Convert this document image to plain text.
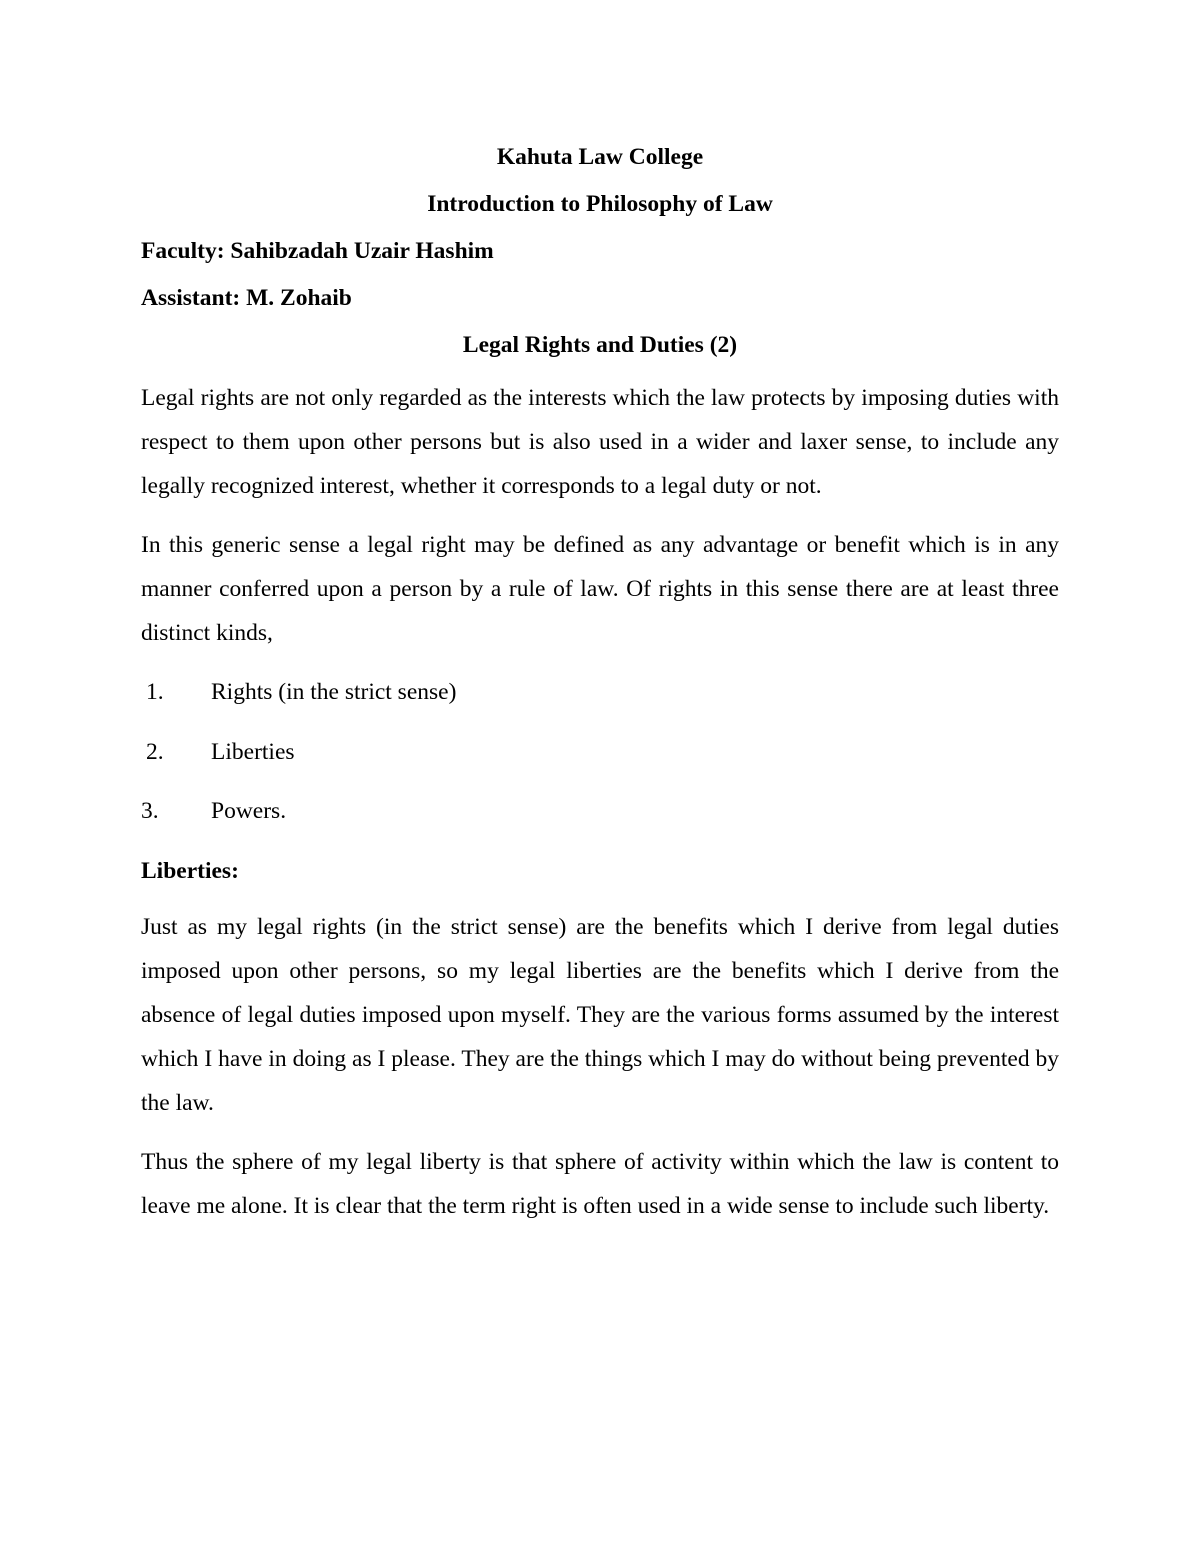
Kahuta Law College
Introduction to Philosophy of Law
Faculty: Sahibzadah Uzair Hashim
Assistant: M. Zohaib
Legal Rights and Duties (2)

Legal rights are not only regarded as the interests which the law protects by imposing duties with respect to them upon other persons but is also used in a wider and laxer sense, to include any legally recognized interest, whether it corresponds to a legal duty or not.

In this generic sense a legal right may be defined as any advantage or benefit which is in any manner conferred upon a person by a rule of law. Of rights in this sense there are at least three distinct kinds,

1. Rights (in the strict sense)
2. Liberties
3. Powers.
Liberties:

Just as my legal rights (in the strict sense) are the benefits which I derive from legal duties imposed upon other persons, so my legal liberties are the benefits which I derive from the absence of legal duties imposed upon myself. They are the various forms assumed by the interest which I have in doing as I please. They are the things which I may do without being prevented by the law.

Thus the sphere of my legal liberty is that sphere of activity within which the law is content to leave me alone. It is clear that the term right is often used in a wide sense to include such liberty.
